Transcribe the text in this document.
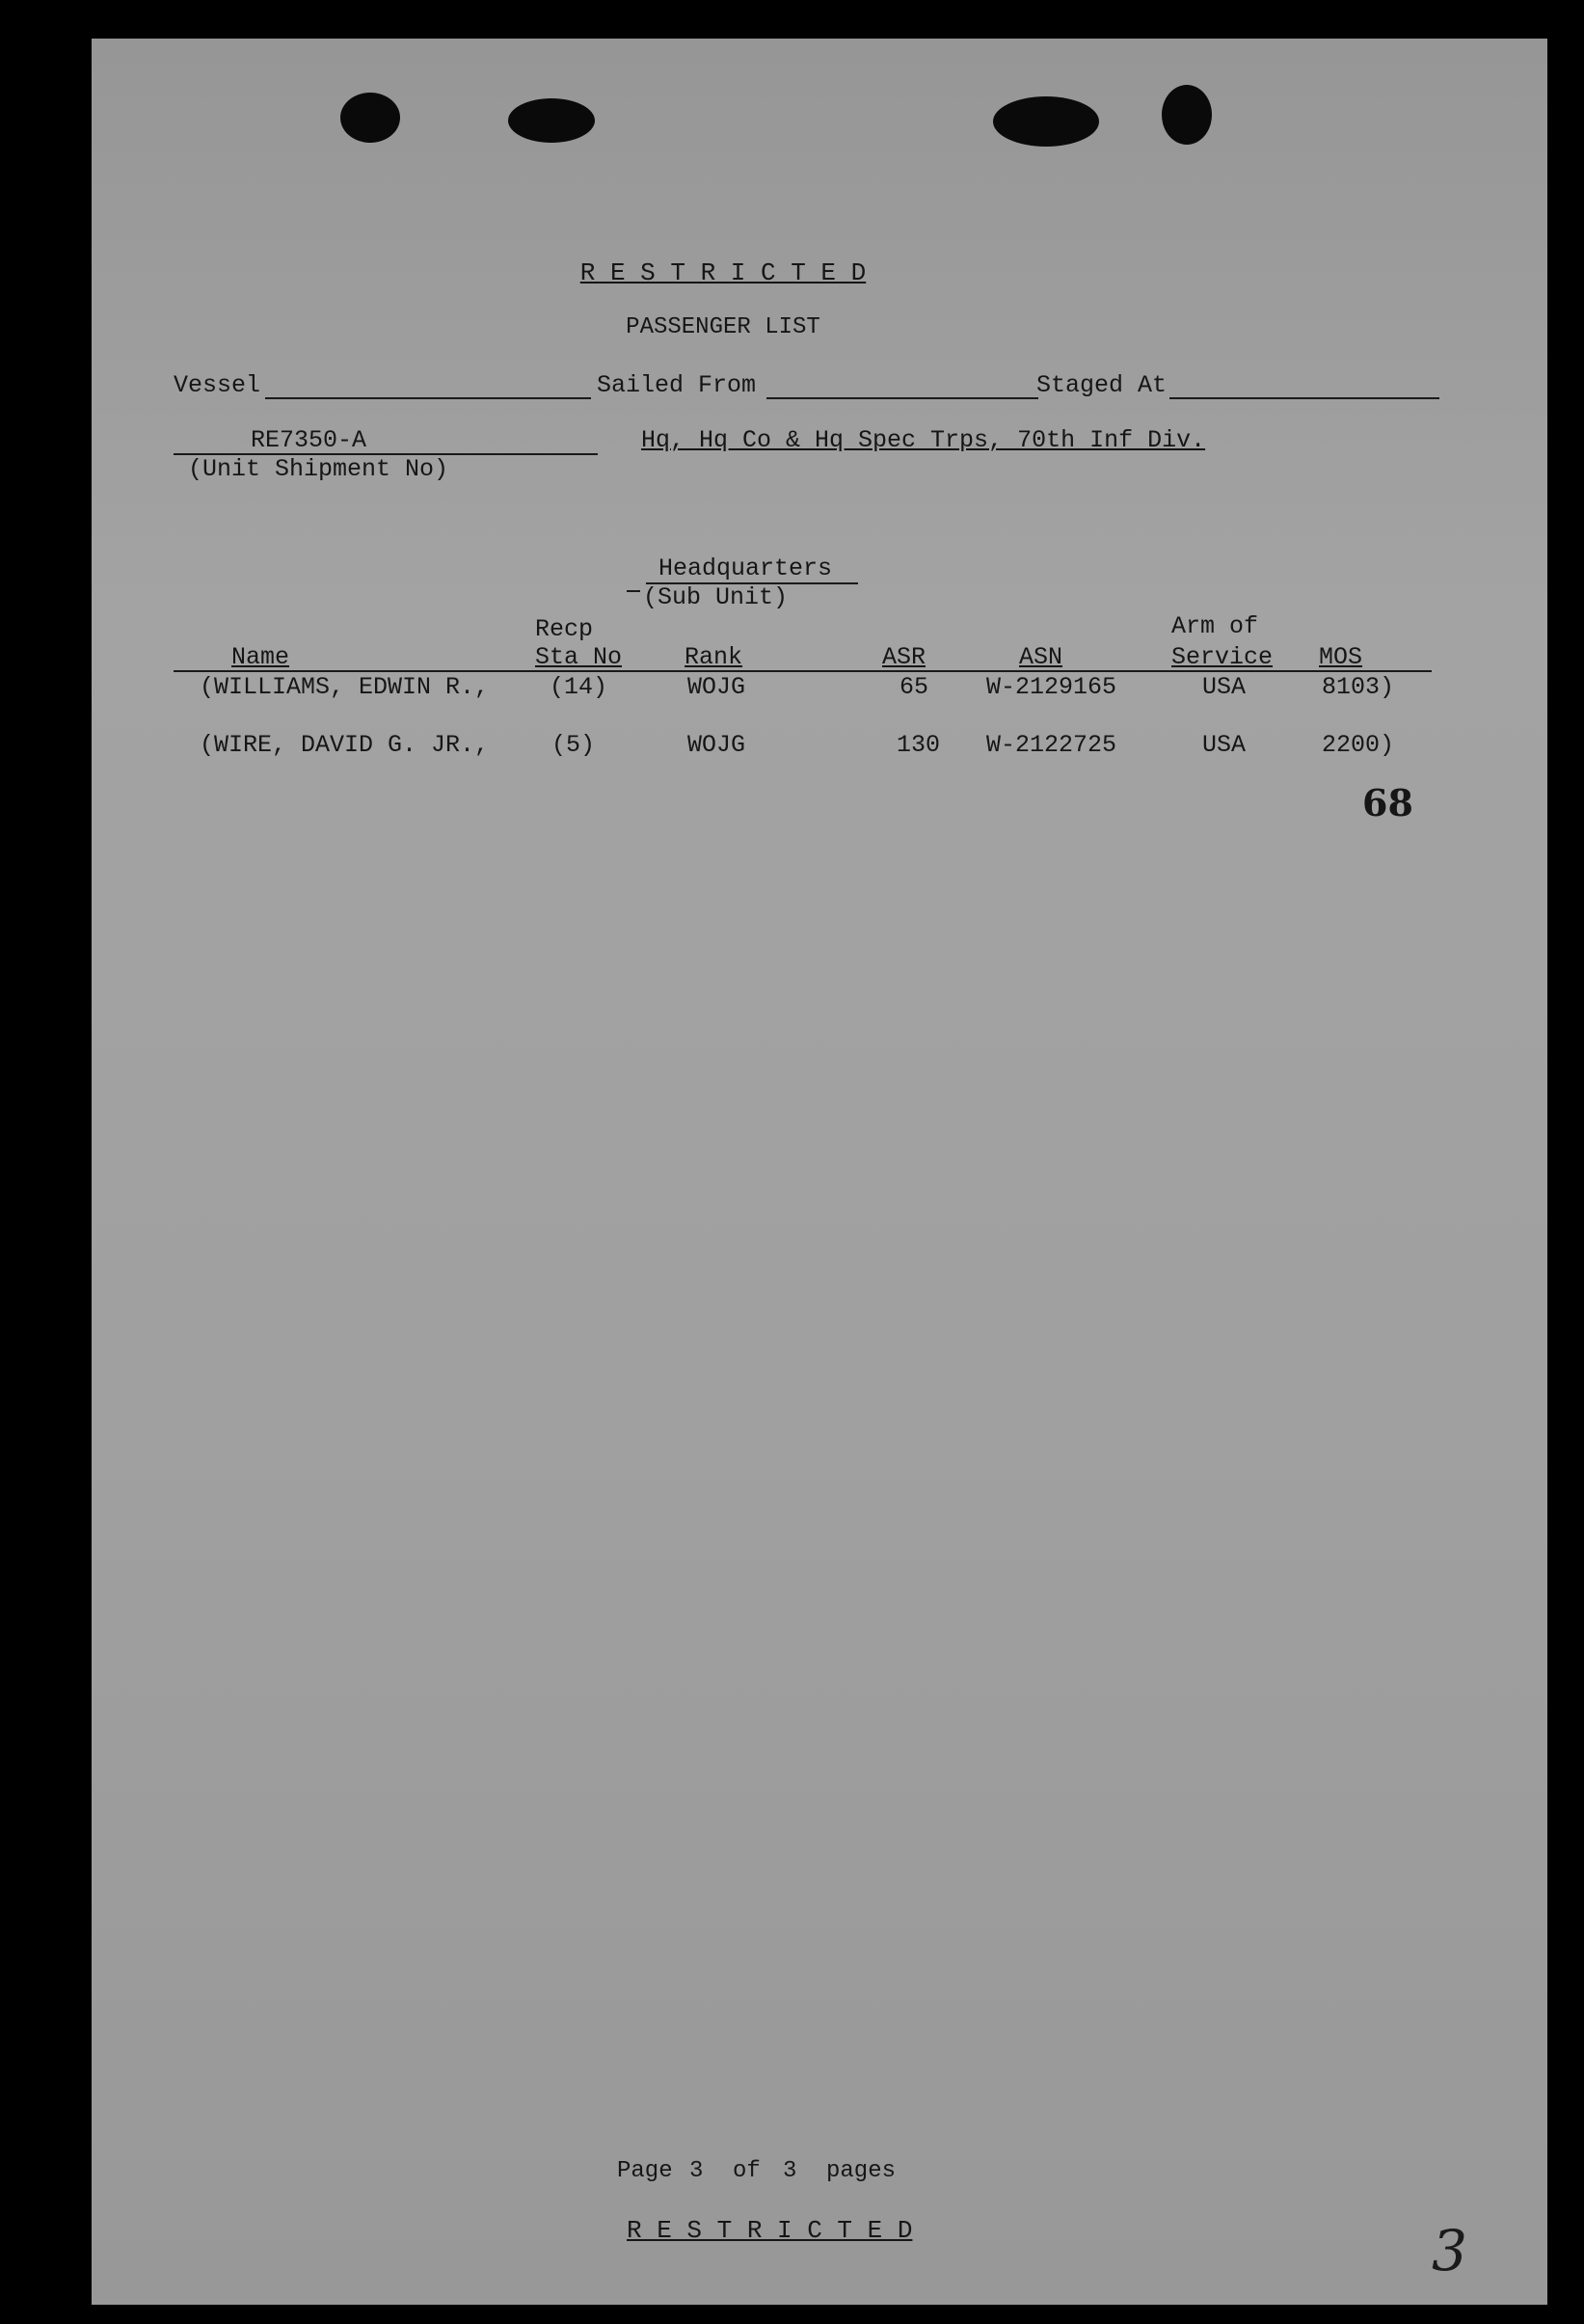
R E S T R I C T E D
PASSENGER LIST
Vessel	Sailed From	Staged At
RE7350-A
(Unit Shipment No)
Hq, Hq Co & Hq Spec Trps, 70th Inf Div.
Headquarters
(Sub Unit)
Recp	Arm of
Name	Sta No	Rank	ASR	ASN	Service MOS
(WILLIAMS, EDWIN R.,	(14)	WOJG	65 W-2129165	USA	8103)
(WIRE, DAVID G. JR.,	(5)	WOJG	130 W-2122725	USA	2200)
68
Page 3 of 3 pages
R E S T R I C T E D	3
